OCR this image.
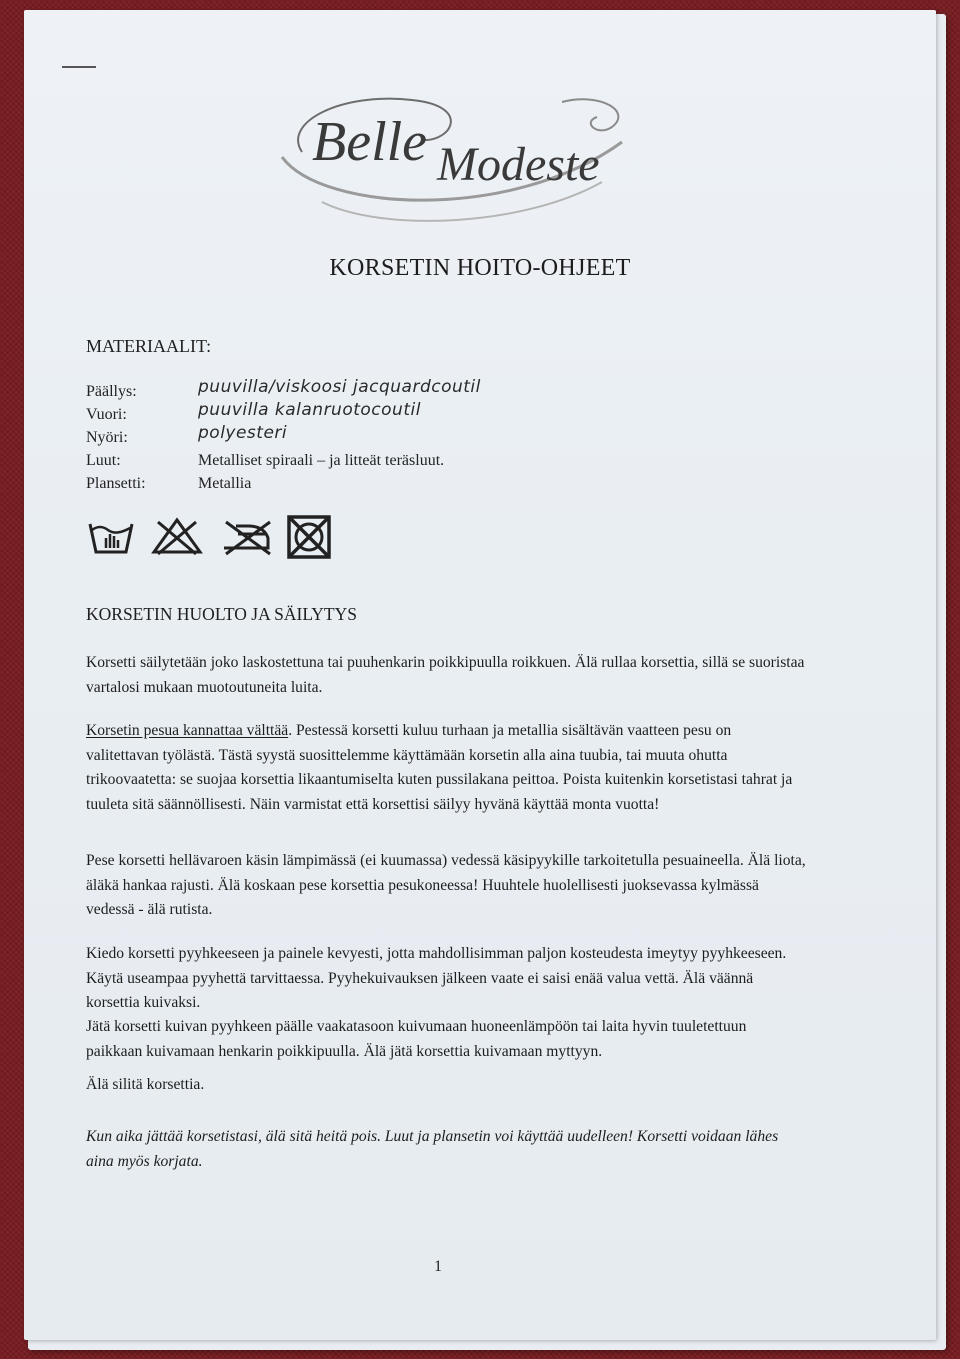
Belle Modeste
KORSETIN HOITO-OHJEET
MATERIAALIT:
Päällys:	puuvilla/viskoosi jacquardcoutil
Vuori:	puuvilla kalanruotocoutil
Nyöri:	polyesteri
Luut:	Metalliset spiraali – ja litteät teräsluut.
Plansetti:	Metallia
KORSETIN HUOLTO JA SÄILYTYS
Korsetti säilytetään joko laskostettuna tai puuhenkarin poikkipuulla roikkuen. Älä rullaa korsettia, sillä se suoristaa vartalosi mukaan muotoutuneita luita.
Korsetin pesua kannattaa välttää. Pestessä korsetti kuluu turhaan ja metallia sisältävän vaatteen pesu on valitettavan työlästä. Tästä syystä suosittelemme käyttämään korsetin alla aina tuubia, tai muuta ohutta trikoovaatetta: se suojaa korsettia likaantumiselta kuten pussilakana peittoa. Poista kuitenkin korsetistasi tahrat ja tuuleta sitä säännöllisesti. Näin varmistat että korsettisi säilyy hyvänä käyttää monta vuotta!
Pese korsetti hellävaroen käsin lämpimässä (ei kuumassa) vedessä käsipyykille tarkoitetulla pesuaineella. Älä liota, äläkä hankaa rajusti. Älä koskaan pese korsettia pesukoneessa! Huuhtele huolellisesti juoksevassa kylmässä vedessä - älä rutista.
Kiedo korsetti pyyhkeeseen ja painele kevyesti, jotta mahdollisimman paljon kosteudesta imeytyy pyyhkeeseen. Käytä useampaa pyyhettä tarvittaessa. Pyyhekuivauksen jälkeen vaate ei saisi enää valua vettä. Älä väännä korsettia kuivaksi.
Jätä korsetti kuivan pyyhkeen päälle vaakatasoon kuivumaan huoneenlämpöön tai laita hyvin tuuletettuun paikkaan kuivamaan henkarin poikkipuulla. Älä jätä korsettia kuivamaan myttyyn.
Älä silitä korsettia.
Kun aika jättää korsetistasi, älä sitä heitä pois. Luut ja plansetin voi käyttää uudelleen! Korsetti voidaan lähes aina myös korjata.
1
